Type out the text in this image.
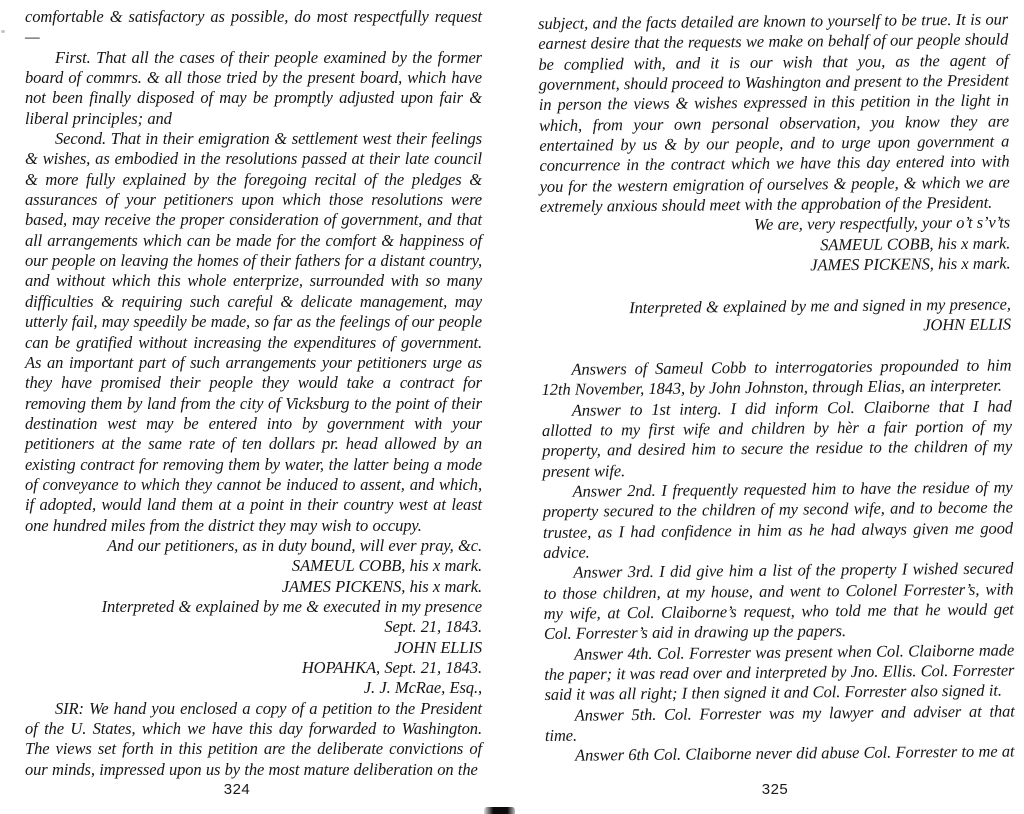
comfortable & satisfactory as possible, do most respectfully request—

First. That all the cases of their people examined by the former board of commrs. & all those tried by the present board, which have not been finally disposed of may be promptly adjusted upon fair & liberal principles; and

Second. That in their emigration & settlement west their feelings & wishes, as embodied in the resolutions passed at their late council & more fully explained by the foregoing recital of the pledges & assurances of your petitioners upon which those resolutions were based, may receive the proper consideration of government, and that all arrangements which can be made for the comfort & happiness of our people on leaving the homes of their fathers for a distant country, and without which this whole enterprize, surrounded with so many difficulties & requiring such careful & delicate management, may utterly fail, may speedily be made, so far as the feelings of our people can be gratified without increasing the expenditures of government. As an important part of such arrangements your petitioners urge as they have promised their people they would take a contract for removing them by land from the city of Vicksburg to the point of their destination west may be entered into by government with your petitioners at the same rate of ten dollars pr. head allowed by an existing contract for removing them by water, the latter being a mode of conveyance to which they cannot be induced to assent, and which, if adopted, would land them at a point in their country west at least one hundred miles from the district they may wish to occupy.

And our petitioners, as in duty bound, will ever pray, &c.

SAMEUL COBB, his x mark.

JAMES PICKENS, his x mark.

Interpreted & explained by me & executed in my presence

Sept. 21, 1843.

JOHN ELLIS

HOPAHKA, Sept. 21, 1843.

J. J. McRae, Esq.,

SIR: We hand you enclosed a copy of a petition to the President of the U. States, which we have this day forwarded to Washington. The views set forth in this petition are the deliberate convictions of our minds, impressed upon us by the most mature deliberation on the

324

subject, and the facts detailed are known to yourself to be true. It is our earnest desire that the requests we make on behalf of our people should be complied with, and it is our wish that you, as the agent of government, should proceed to Washington and present to the President in person the views & wishes expressed in this petition in the light in which, from your own personal observation, you know they are entertained by us & by our people, and to urge upon government a concurrence in the contract which we have this day entered into with you for the western emigration of ourselves & people, & which we are extremely anxious should meet with the approbation of the President.

We are, very respectfully, your o’t s’v’ts

SAMEUL COBB, his x mark.

JAMES PICKENS, his x mark.

Interpreted & explained by me and signed in my presence,

JOHN ELLIS

Answers of Sameul Cobb to interrogatories propounded to him 12th November, 1843, by John Johnston, through Elias, an interpreter.

Answer to 1st interg. I did inform Col. Claiborne that I had allotted to my first wife and children by hèr a fair portion of my property, and desired him to secure the residue to the children of my present wife.

Answer 2nd. I frequently requested him to have the residue of my property secured to the children of my second wife, and to become the trustee, as I had confidence in him as he had always given me good advice.

Answer 3rd. I did give him a list of the property I wished secured to those children, at my house, and went to Colonel Forrester’s, with my wife, at Col. Claiborne’s request, who told me that he would get Col. Forrester’s aid in drawing up the papers.

Answer 4th. Col. Forrester was present when Col. Claiborne made the paper; it was read over and interpreted by Jno. Ellis. Col. Forrester said it was all right; I then signed it and Col. Forrester also signed it.

Answer 5th. Col. Forrester was my lawyer and adviser at that time.

Answer 6th Col. Claiborne never did abuse Col. Forrester to me at

325
